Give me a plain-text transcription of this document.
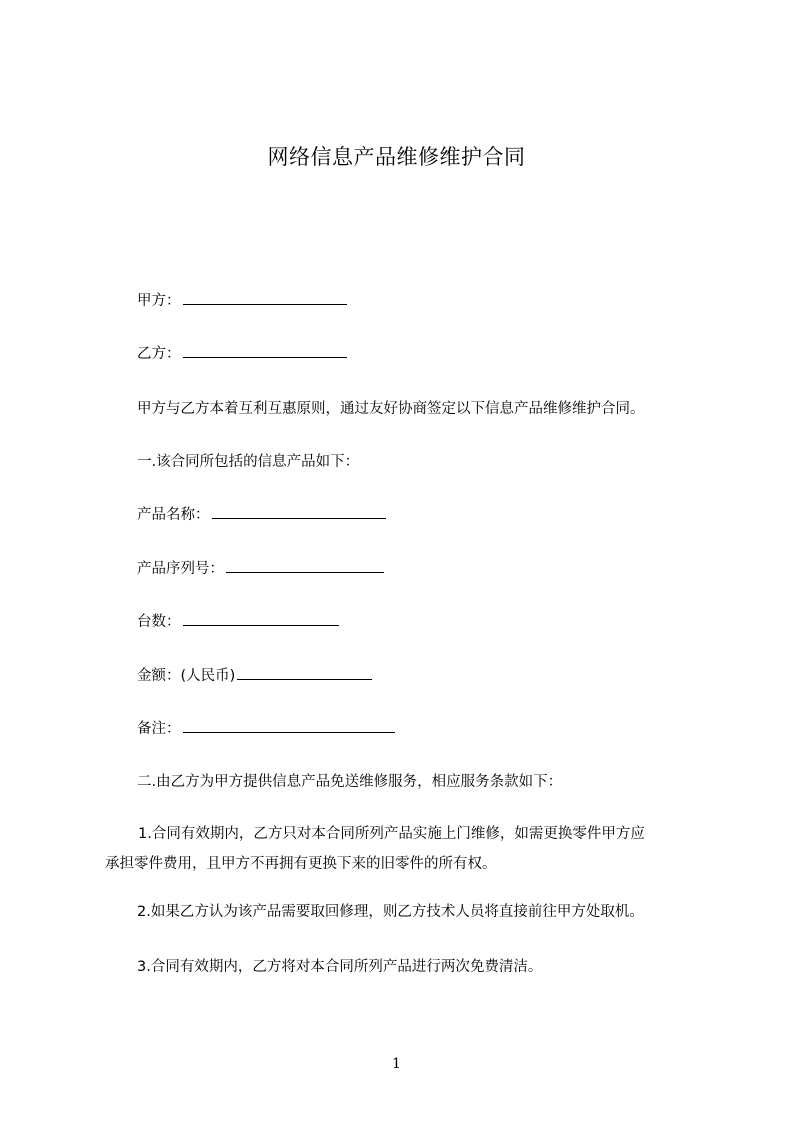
网络信息产品维修维护合同
甲方：
乙方：
甲方与乙方本着互利互惠原则，通过友好协商签定以下信息产品维修维护合同。
一.该合同所包括的信息产品如下：
产品名称：
产品序列号：
台数：
金额：(人民币)
备注：
二.由乙方为甲方提供信息产品免送维修服务，相应服务条款如下：
1.合同有效期内，乙方只对本合同所列产品实施上门维修，如需更换零件甲方应
承担零件费用，且甲方不再拥有更换下来的旧零件的所有权。
2.如果乙方认为该产品需要取回修理，则乙方技术人员将直接前往甲方处取机。
3.合同有效期内，乙方将对本合同所列产品进行两次免费清洁。
1
